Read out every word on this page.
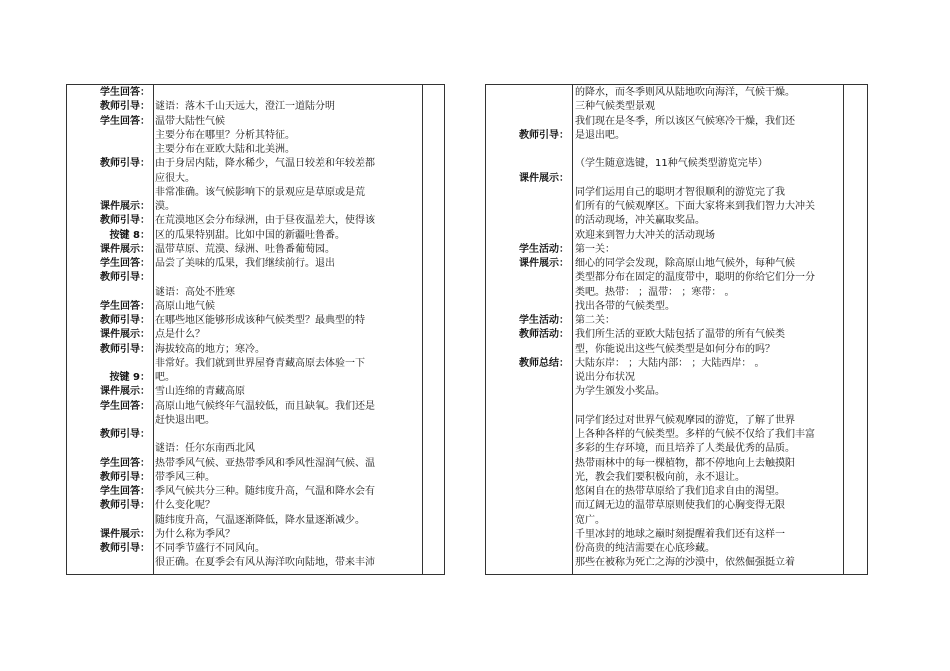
学生回答：
教师引导： 谜语：落木千山天远大，澄江一道陆分明
学生回答： 温带大陆性气候
主要分布在哪里？分析其特征。
主要分布在亚欧大陆和北美洲。
教师引导： 由于身居内陆，降水稀少，气温日较差和年较差都
应很大。
非常准确。该气候影响下的景观应是草原或是荒
课件展示： 漠。
教师引导： 在荒漠地区会分布绿洲，由于昼夜温差大，使得该
按键 8： 区的瓜果特别甜。比如中国的新疆吐鲁番。
课件展示： 温带草原、荒漠、绿洲、吐鲁番葡萄园。
学生回答： 品尝了美味的瓜果，我们继续前行。退出
教师引导：
谜语：高处不胜寒
学生回答： 高原山地气候
教师引导： 在哪些地区能够形成该种气候类型？最典型的特
课件展示： 点是什么？
教师引导： 海拔较高的地方；寒冷。
非常好。我们就到世界屋脊青藏高原去体验一下
按键 9： 吧。
课件展示： 雪山连绵的青藏高原
学生回答： 高原山地气候终年气温较低，而且缺氧。我们还是
赶快退出吧。
教师引导：
谜语：任尔东南西北风
学生回答： 热带季风气候、亚热带季风和季风性湿润气候、温
教师引导： 带季风三种。
学生回答： 季风气候共分三种。随纬度升高，气温和降水会有
教师引导： 什么变化呢？
随纬度升高，气温逐渐降低，降水量逐渐减少。
课件展示： 为什么称为季风？
教师引导： 不同季节盛行不同风向。
很正确。在夏季会有风从海洋吹向陆地，带来丰沛
的降水，而冬季则风从陆地吹向海洋，气候干燥。
三种气候类型景观
我们现在是冬季，所以该区气候寒冷干燥，我们还
教师引导： 是退出吧。
（学生随意选键，11种气候类型游览完毕）
课件展示：
同学们运用自己的聪明才智很顺利的游览完了我
们所有的气候观摩区。下面大家将来到我们智力大冲关
的活动现场，冲关赢取奖品。
欢迎来到智力大冲关的活动现场
学生活动： 第一关：
课件展示： 细心的同学会发现，除高原山地气候外，每种气候
类型都分布在固定的温度带中，聪明的你给它们分一分
类吧。热带： ；温带： ；寒带： 。
找出各带的气候类型。
学生活动： 第二关：
教师活动： 我们所生活的亚欧大陆包括了温带的所有气候类
型，你能说出这些气候类型是如何分布的吗？
教师总结： 大陆东岸： ；大陆内部： ；大陆西岸： 。
说出分布状况
为学生颁发小奖品。
同学们经过对世界气候观摩园的游览，了解了世界
上各种各样的气候类型。多样的气候不仅给了我们丰富
多彩的生存环境，而且培养了人类最优秀的品质。
热带雨林中的每一棵植物，都不停地向上去触摸阳
光，教会我们要积极向前，永不退让。
悠闲自在的热带草原给了我们追求自由的渴望。
而辽阔无边的温带草原则使我们的心胸变得无限
宽广。
千里冰封的地球之巅时刻提醒着我们还有这样一
份高贵的纯洁需要在心底珍藏。
那些在被称为死亡之海的沙漠中，依然倔强挺立着
